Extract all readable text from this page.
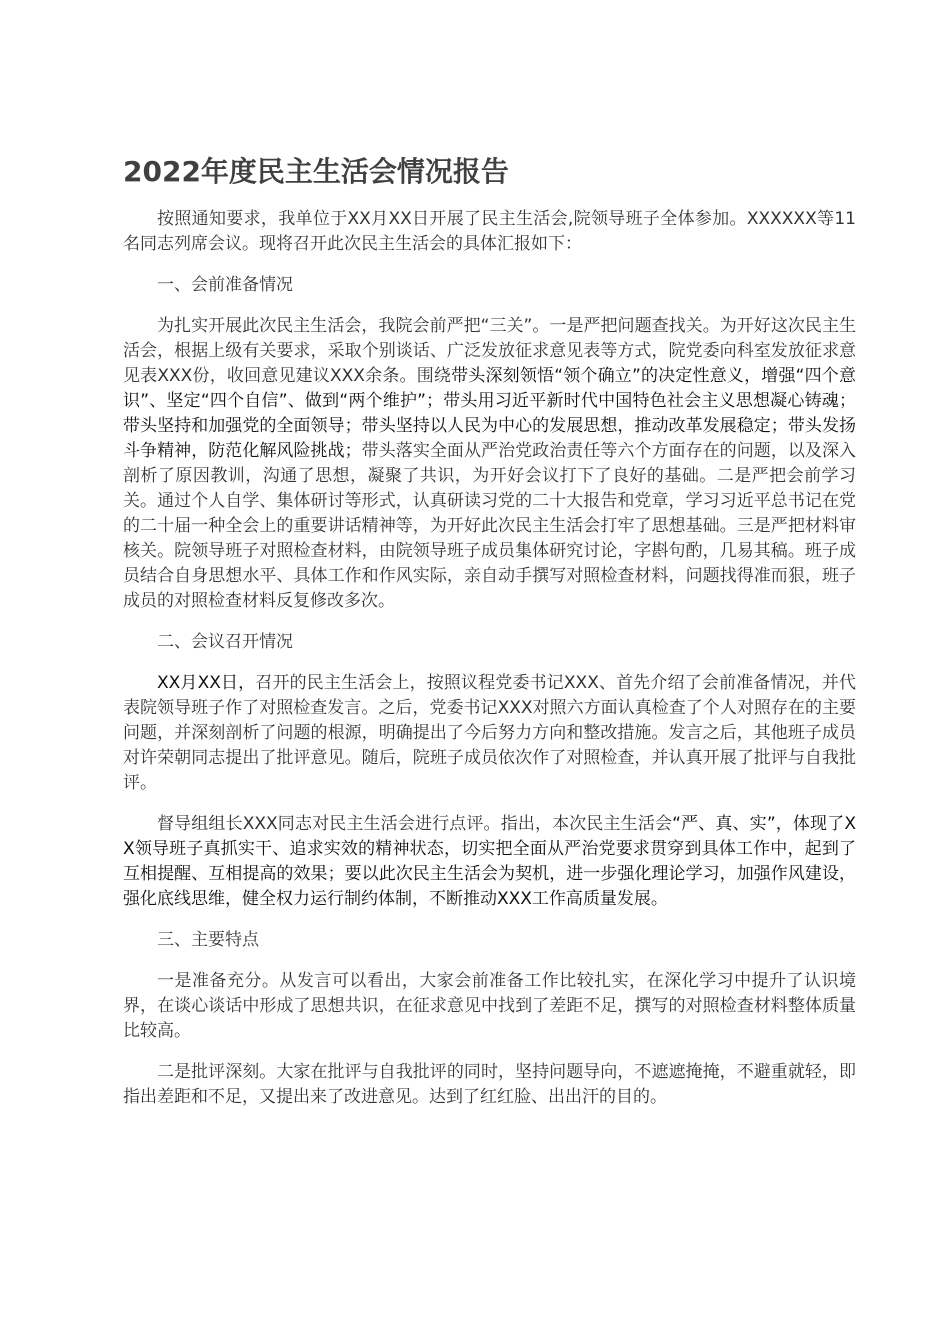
2022年度民主生活会情况报告

按照通知要求，我单位于XX月XX日开展了民主生活会,院领导班子全体参加。XXXXXX等11名同志列席会议。现将召开此次民主生活会的具体汇报如下：

一、会前准备情况

为扎实开展此次民主生活会，我院会前严把“三关”。一是严把问题查找关。为开好这次民主生活会，根据上级有关要求，采取个别谈话、广泛发放征求意见表等方式，院党委向科室发放征求意见表XXX份，收回意见建议XXX余条。围绕带头深刻领悟“领个确立”的决定性意义，增强“四个意识”、坚定“四个自信”、做到“两个维护”；带头用习近平新时代中国特色社会主义思想凝心铸魂；带头坚持和加强党的全面领导；带头坚持以人民为中心的发展思想，推动改革发展稳定；带头发扬斗争精神，防范化解风险挑战；带头落实全面从严治党政治责任等六个方面存在的问题，以及深入剖析了原因教训，沟通了思想，凝聚了共识，为开好会议打下了良好的基础。二是严把会前学习关。通过个人自学、集体研讨等形式，认真研读习党的二十大报告和党章，学习习近平总书记在党的二十届一种全会上的重要讲话精神等，为开好此次民主生活会打牢了思想基础。三是严把材料审核关。院领导班子对照检查材料，由院领导班子成员集体研究讨论，字斟句酌，几易其稿。班子成员结合自身思想水平、具体工作和作风实际，亲自动手撰写对照检查材料，问题找得准而狠，班子成员的对照检查材料反复修改多次。

二、会议召开情况

XX月XX日，召开的民主生活会上，按照议程党委书记XXX、首先介绍了会前准备情况，并代表院领导班子作了对照检查发言。之后，党委书记XXX对照六方面认真检查了个人对照存在的主要问题，并深刻剖析了问题的根源，明确提出了今后努力方向和整改措施。发言之后，其他班子成员对许荣朝同志提出了批评意见。随后，院班子成员依次作了对照检查，并认真开展了批评与自我批评。

督导组组长XXX同志对民主生活会进行点评。指出，本次民主生活会“严、真、实”，体现了XX领导班子真抓实干、追求实效的精神状态，切实把全面从严治党要求贯穿到具体工作中，起到了互相提醒、互相提高的效果；要以此次民主生活会为契机，进一步强化理论学习，加强作风建设，强化底线思维，健全权力运行制约体制，不断推动XXX工作高质量发展。

三、主要特点

一是准备充分。从发言可以看出，大家会前准备工作比较扎实，在深化学习中提升了认识境界，在谈心谈话中形成了思想共识，在征求意见中找到了差距不足，撰写的对照检查材料整体质量比较高。

二是批评深刻。大家在批评与自我批评的同时，坚持问题导向，不遮遮掩掩，不避重就轻，即指出差距和不足，又提出来了改进意见。达到了红红脸、出出汗的目的。
